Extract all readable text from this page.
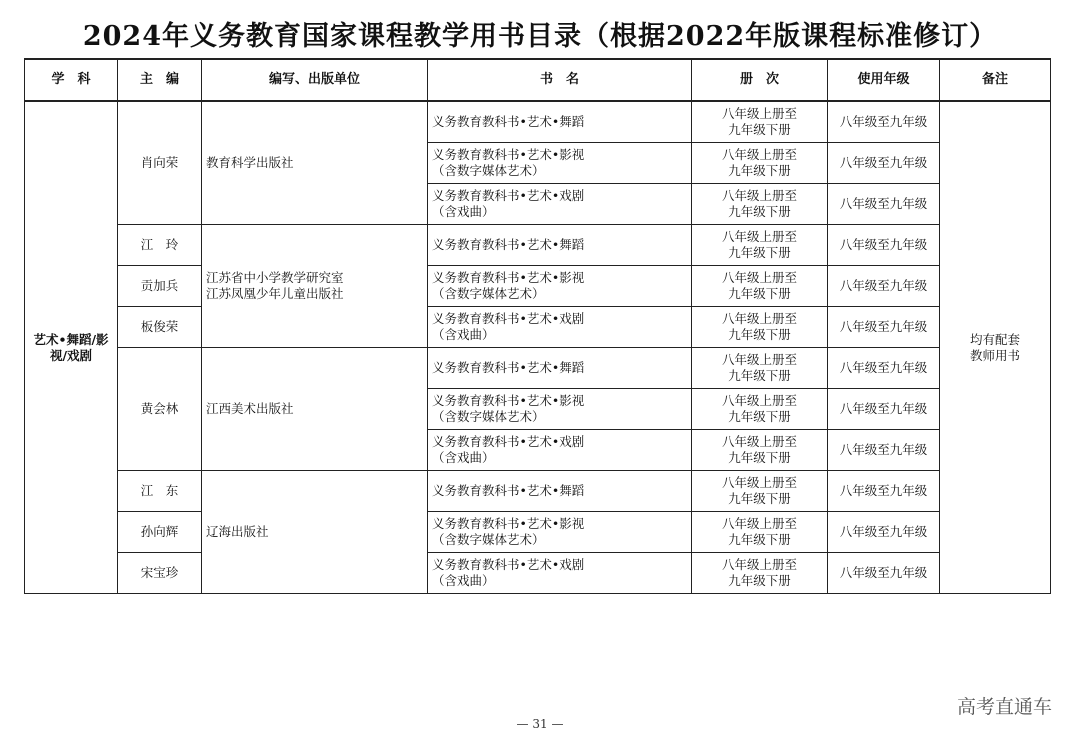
2024年义务教育国家课程教学用书目录（根据2022年版课程标准修订）
学　科	主　编	编写、出版单位	书　名	册　次	使用年级	备注
艺术•舞蹈/影视/戏剧	肖向荣	教育科学出版社	义务教育教科书•艺术•舞蹈	八年级上册至
九年级下册	八年级至九年级	均有配套
教师用书
			义务教育教科书•艺术•影视
（含数字媒体艺术）	八年级上册至
九年级下册	八年级至九年级	
			义务教育教科书•艺术•戏剧
（含戏曲）	八年级上册至
九年级下册	八年级至九年级	
	江　玲	江苏省中小学教学研究室
江苏凤凰少年儿童出版社	义务教育教科书•艺术•舞蹈	八年级上册至
九年级下册	八年级至九年级	
	贡加兵		义务教育教科书•艺术•影视
（含数字媒体艺术）	八年级上册至
九年级下册	八年级至九年级	
	板俊荣		义务教育教科书•艺术•戏剧
（含戏曲）	八年级上册至
九年级下册	八年级至九年级	
	黄会林	江西美术出版社	义务教育教科书•艺术•舞蹈	八年级上册至
九年级下册	八年级至九年级	
			义务教育教科书•艺术•影视
（含数字媒体艺术）	八年级上册至
九年级下册	八年级至九年级	
			义务教育教科书•艺术•戏剧
（含戏曲）	八年级上册至
九年级下册	八年级至九年级	
	江　东	辽海出版社	义务教育教科书•艺术•舞蹈	八年级上册至
九年级下册	八年级至九年级	
	孙向辉		义务教育教科书•艺术•影视
（含数字媒体艺术）	八年级上册至
九年级下册	八年级至九年级	
	宋宝珍		义务教育教科书•艺术•戏剧
（含戏曲）	八年级上册至
九年级下册	八年级至九年级	
高考直通车
— 31 —
